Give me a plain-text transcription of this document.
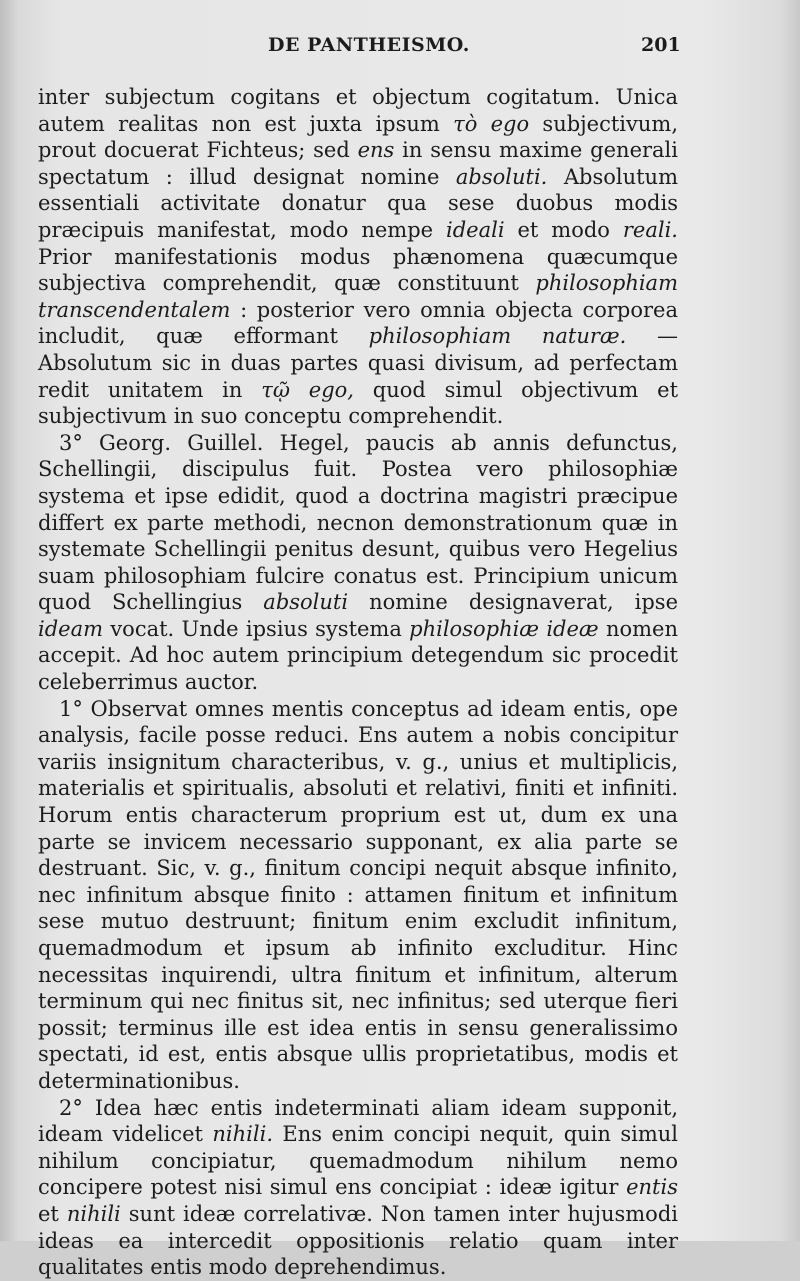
DE PANTHEISMO.	201

inter subjectum cogitans et objectum cogitatum. Unica autem realitas non est juxta ipsum τὸ ego subjectivum, prout docuerat Fichteus; sed ens in sensu maxime generali spectatum : illud designat nomine absoluti. Absolutum essentiali activitate donatur qua sese duobus modis præcipuis manifestat, modo nempe ideali et modo reali. Prior manifestationis modus phænomena quæcumque subjectiva comprehendit, quæ constituunt philosophiam transcendentalem : posterior vero omnia objecta corporea includit, quæ efformant philosophiam naturæ. — Absolutum sic in duas partes quasi divisum, ad perfectam redit unitatem in τῷ ego, quod simul objectivum et subjectivum in suo conceptu comprehendit.

3° Georg. Guillel. Hegel, paucis ab annis defunctus, Schellingii, discipulus fuit. Postea vero philosophiæ systema et ipse edidit, quod a doctrina magistri præcipue differt ex parte methodi, necnon demonstrationum quæ in systemate Schellingii penitus desunt, quibus vero Hegelius suam philosophiam fulcire conatus est. Principium unicum quod Schellingius absoluti nomine designaverat, ipse ideam vocat. Unde ipsius systema philosophiæ ideæ nomen accepit. Ad hoc autem principium detegendum sic procedit celeberrimus auctor.

1° Observat omnes mentis conceptus ad ideam entis, ope analysis, facile posse reduci. Ens autem a nobis concipitur variis insignitum characteribus, v. g., unius et multiplicis, materialis et spiritualis, absoluti et relativi, finiti et infiniti. Horum entis characterum proprium est ut, dum ex una parte se invicem necessario supponant, ex alia parte se destruant. Sic, v. g., finitum concipi nequit absque infinito, nec infinitum absque finito : attamen finitum et infinitum sese mutuo destruunt; finitum enim excludit infinitum, quemadmodum et ipsum ab infinito excluditur. Hinc necessitas inquirendi, ultra finitum et infinitum, alterum terminum qui nec finitus sit, nec infinitus; sed uterque fieri possit; terminus ille est idea entis in sensu generalissimo spectati, id est, entis absque ullis proprietatibus, modis et determinationibus.

2° Idea hæc entis indeterminati aliam ideam supponit, ideam videlicet nihili. Ens enim concipi nequit, quin simul nihilum concipiatur, quemadmodum nihilum nemo concipere potest nisi simul ens concipiat : ideæ igitur entis et nihili sunt ideæ correlativæ. Non tamen inter hujusmodi ideas ea intercedit oppositionis relatio quam inter qualitates entis modo deprehendimus.
